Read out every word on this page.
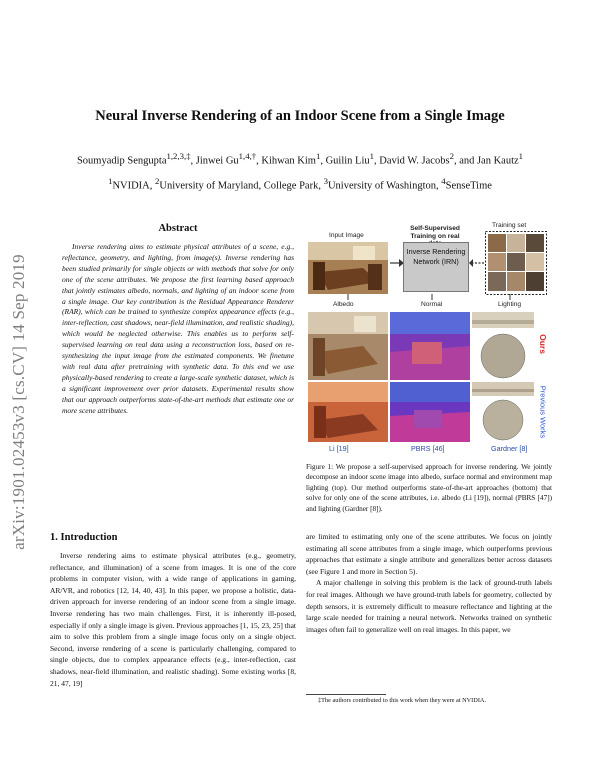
arXiv:1901.02453v3 [cs.CV] 14 Sep 2019
Neural Inverse Rendering of an Indoor Scene from a Single Image
Soumyadip Sengupta$^{1,2,3,\ddagger}$, Jinwei $Gu^{1,4,\dagger}$, Kihwan Kim$^1$, Guilin Liu$^1$, David W. Jacobs$^2$, and Jan Kautz$^1$
$^1$NVIDIA, $^2$University of Maryland, College Park, $^3$University of Washington, $^4$SenseTime
Abstract
Inverse rendering aims to estimate physical attributes of a scene, e.g., reflectance, geometry, and lighting, from image(s). Inverse rendering has been studied primarily for single objects or with methods that solve for only one of the scene attributes. We propose the first learning based approach that jointly estimates albedo, normals, and lighting of an indoor scene from a single image. Our key contribution is the Residual Appearance Renderer (RAR), which can be trained to synthesize complex appearance effects (e.g., inter-reflection, cast shadows, near-field illumination, and realistic shading), which would be neglected otherwise. This enables us to perform self-supervised learning on real data using a reconstruction loss, based on re-synthesizing the input image from the estimated components. We finetune with real data after pretraining with synthetic data. To this end we use physically-based rendering to create a large-scale synthetic dataset, which is a significant improvement over prior datasets. Experimental results show that our approach outperforms state-of-the-art methods that estimate one or more scene attributes.
1. Introduction
Inverse rendering aims to estimate physical attributes (e.g., geometry, reflectance, and illumination) of a scene from images. It is one of the core problems in computer vision, with a wide range of applications in gaming, AR/VR, and robotics [12, 14, 40, 43]. In this paper, we propose a holistic, data-driven approach for inverse rendering of an indoor scene from a single image. Inverse rendering has two main challenges. First, it is inherently ill-posed, especially if only a single image is given. Previous approaches [1, 15, 23, 25] that aim to solve this problem from a single image focus only on a single object. Second, inverse rendering of a scene is particularly challenging, compared to single objects, due to complex appearance effects (e.g., inter-reflection, cast shadows, near-field illumination, and realistic shading). Some existing works [8, 21, 47, 19]

are limited to estimating only one of the scene attributes. We focus on jointly estimating all scene attributes from a single image, which outperforms previous approaches that estimate a single attribute and generalizes better across datasets (see Figure 1 and more in Section 5).

A major challenge in solving this problem is the lack of ground-truth labels for real images. Although we have ground-truth labels for geometry, collected by depth sensors, it is extremely difficult to measure reflectance and lighting at the large scale needed for training a neural network. Networks trained on synthetic images often fail to generalize well on real images. In this paper, we

Input Image
Self-Supervised Training on real
Training set
Inverse Rendering Network (IRN)
Albedo	Normal	Lighting
Ours
Previous Works
Li [19]	PBRS [46]	Gardner [8]
Figure 1: We propose a self-supervised approach for inverse rendering. We jointly decompose an indoor scene image into albedo, surface normal and environment map lighting (top). Our method outperforms state-of-the-art approaches (bottom) that solve for only one of the scene attributes, i.e. albedo (Li [19]), normal (PBRS [47]) and lighting (Gardner [8]).
‡The authors contributed to this work when they were at NVIDIA.
